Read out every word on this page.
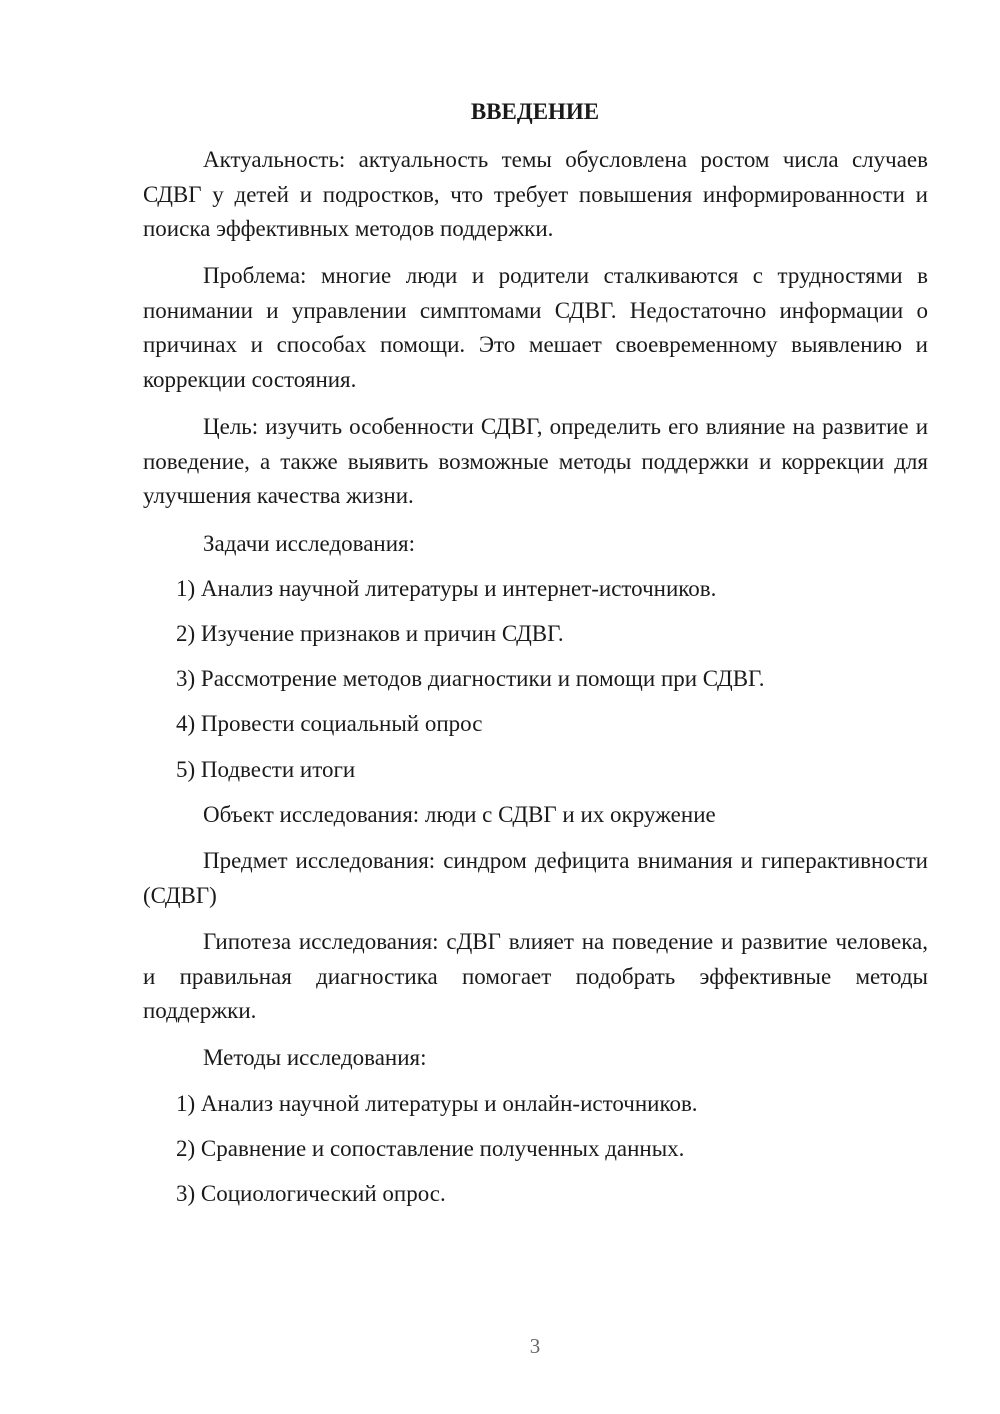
ВВЕДЕНИЕ
Актуальность: актуальность темы обусловлена ростом числа случаев СДВГ у детей и подростков, что требует повышения информированности и поиска эффективных методов поддержки.
Проблема: многие люди и родители сталкиваются с трудностями в понимании и управлении симптомами СДВГ. Недостаточно информации о причинах и способах помощи. Это мешает своевременному выявлению и коррекции состояния.
Цель: изучить особенности СДВГ, определить его влияние на развитие и поведение, а также выявить возможные методы поддержки и коррекции для улучшения качества жизни.
Задачи исследования:
1) Анализ научной литературы и интернет-источников.
2) Изучение признаков и причин СДВГ.
3) Рассмотрение методов диагностики и помощи при СДВГ.
4) Провести социальный опрос
5) Подвести итоги
Объект исследования: люди с СДВГ и их окружение
Предмет исследования: синдром дефицита внимания и гиперактивности (СДВГ)
Гипотеза исследования: сДВГ влияет на поведение и развитие человека, и правильная диагностика помогает подобрать эффективные методы поддержки.
Методы исследования:
1) Анализ научной литературы и онлайн-источников.
2) Сравнение и сопоставление полученных данных.
3) Социологический опрос.
3
